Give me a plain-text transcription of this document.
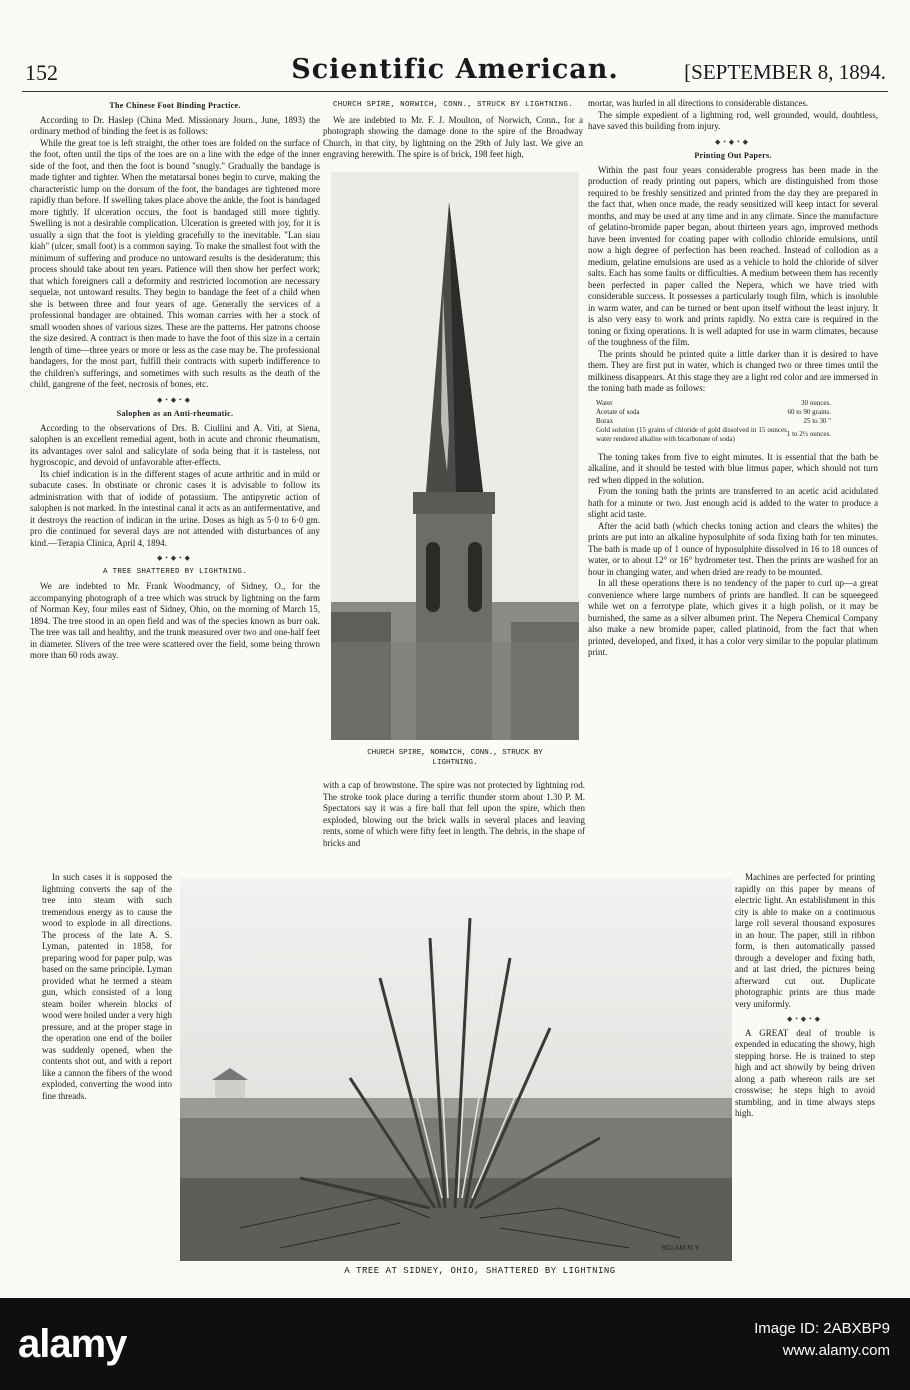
152	Scientific American.	[SEPTEMBER 8, 1894.
The Chinese Foot Binding Practice.

According to Dr. Haslep (China Med. Missionary Journ., June, 1893) the ordinary method of binding the feet is as follows:

While the great toe is left straight, the other toes are folded on the surface of the foot, often until the tips of the toes are on a line with the edge of the inner side of the foot, and then the foot is bound "snugly." Gradually the bandage is made tighter and tighter. When the metatarsal bones begin to curve, making the characteristic lump on the dorsum of the foot, the bandages are tightened more rapidly than before. If swelling takes place above the ankle, the foot is bandaged more tightly. If ulceration occurs, the foot is bandaged still more tightly. Swelling is not a desirable complication. Ulceration is greeted with joy, for it is usually a sign that the foot is yielding gracefully to the inevitable. "Lan siau kiah" (ulcer, small foot) is a common saying. To make the smallest foot with the minimum of suffering and produce no untoward results is the desideratum; this process should take about ten years. Patience will then show her perfect work; that which foreigners call a deformity and restricted locomotion are necessary sequelæ, not untoward results. They begin to bandage the feet of a child when she is between three and four years of age. Generally the services of a professional bandager are obtained. This woman carries with her a stock of small wooden shoes of various sizes. These are the patterns. Her patrons choose the size desired. A contract is then made to have the foot of this size in a certain length of time—three years or more or less as the case may be. The professional bandagers, for the most part, fulfill their contracts with superb indifference to the children's sufferings, and sometimes with such results as the death of the child, gangrene of the feet, necrosis of bones, etc.

◆•◆•◆
Salophen as an Anti-rheumatic.

According to the observations of Drs. B. Ciullini and A. Viti, at Siena, salophen is an excellent remedial agent, both in acute and chronic rheumatism, its advantages over salol and salicylate of soda being that it is tasteless, not hygroscopic, and devoid of unfavorable after-effects.

Its chief indication is in the different stages of acute arthritic and in mild or subacute cases. In obstinate or chronic cases it is advisable to follow its administration with that of iodide of potassium. The antipyretic action of salophen is not marked. In the intestinal canal it acts as an antifermentative, and it destroys the reaction of indican in the urine. Doses as high as 5·0 to 6·0 gm. pro die continued for several days are not attended with disturbances of any kind.—Terapia Clinica, April 4, 1894.

◆•◆•◆
A TREE SHATTERED BY LIGHTNING.

We are indebted to Mr. Frank Woodmancy, of Sidney, O., for the accompanying photograph of a tree which was struck by lightning on the farm of Norman Key, four miles east of Sidney, Ohio, on the morning of March 15, 1894. The tree stood in an open field and was of the species known as burr oak. The tree was tall and healthy, and the trunk measured over two and one-half feet in diameter. Slivers of the tree were scattered over the field, some being thrown more than 60 rods away.

In such cases it is supposed the lightning converts the sap of the tree into steam with such tremendous energy as to cause the wood to explode in all directions. The process of the late A. S. Lyman, patented in 1858, for preparing wood for paper pulp, was based on the same principle. Lyman provided what he termed a steam gun, which consisted of a long steam boiler wherein blocks of wood were boiled under a very high pressure, and at the proper stage in the operation one end of the boiler was suddenly opened, when the contents shot out, and with a report like a cannon the fibers of the wood exploded, converting the wood into fine threads.

CHURCH SPIRE, NORWICH, CONN., STRUCK BY LIGHTNING.

We are indebted to Mr. F. J. Moulton, of Norwich, Conn., for a photograph showing the damage done to the spire of the Broadway Church, in that city, by lightning on the 29th of July last. We give an engraving herewith. The spire is of brick, 198 feet high,

CHURCH SPIRE, NORWICH, CONN., STRUCK BY LIGHTNING.

with a cap of brownstone. The spire was not protected by lightning rod. The stroke took place during a terrific thunder storm about 1.30 P. M. Spectators say it was a fire ball that fell upon the spire, which then exploded, blowing out the brick walls in several places and leaving rents, some of which were fifty feet in length. The debris, in the shape of bricks and

mortar, was hurled in all directions to considerable distances.

The simple expedient of a lightning rod, well grounded, would, doubtless, have saved this building from injury.

◆•◆•◆
Printing Out Papers.

Within the past four years considerable progress has been made in the production of ready printing out papers, which are distinguished from those required to be freshly sensitized and printed from the day they are prepared in the fact that, when once made, the ready sensitized will keep intact for several months, and may be used at any time and in any climate. Since the manufacture of gelatino-bromide paper began, about thirteen years ago, improved methods have been invented for coating paper with collodio chloride emulsions, until now a high degree of perfection has been reached. Instead of collodion as a medium, gelatine emulsions are used as a vehicle to hold the chloride of silver salts. Each has some faults or difficulties. A medium between them has recently been perfected in paper called the Nepera, which we have tried with considerable success. It possesses a particularly tough film, which is insoluble in warm water, and can be turned or bent upon itself without the least injury. It is also very easy to work and prints rapidly. No extra care is required in the toning or fixing operations. It is well adapted for use in warm climates, because of the toughness of the film.

The prints should be printed quite a little darker than it is desired to have them. They are first put in water, which is changed two or three times until the milkiness disappears. At this stage they are a light red color and are immersed in the toning bath made as follows:

Water	30 ounces.
Acetate of soda	60 to 90 grains.
Borax	25 to 30 "
Gold solution (15 grains of chloride of gold dissolved in 15 ounces water rendered alkaline with bicarbonate of soda)	1 to 2½ ounces.

The toning takes from five to eight minutes. It is essential that the bath be alkaline, and it should be tested with blue litmus paper, which should not turn red when dipped in the solution.

From the toning bath the prints are transferred to an acetic acid acidulated bath for a minute or two. Just enough acid is added to the water to produce a slight acid taste.

After the acid bath (which checks toning action and clears the whites) the prints are put into an alkaline hyposulphite of soda fixing bath for ten minutes. The bath is made up of 1 ounce of hyposulphite dissolved in 16 to 18 ounces of water, or to about 12° or 16° hydrometer test. Then the prints are washed for an hour in changing water, and when dried are ready to be mounted.

In all these operations there is no tendency of the paper to curl up—a great convenience where large numbers of prints are handled. It can be squeegeed while wet on a ferrotype plate, which gives it a high polish, or it may be burnished, the same as a silver albumen print. The Nepera Chemical Company also make a new bromide paper, called platinoid, from the fact that when printed, developed, and fixed, it has a color very similar to the popular platinum print.

Machines are perfected for printing rapidly on this paper by means of electric light. An establishment in this city is able to make on a continuous large roll several thousand exposures in an hour. The paper, still in ribbon form, is then automatically passed through a developer and fixing bath, and at last dried, the pictures being afterward cut out. Duplicate photographic prints are thus made very uniformly.

◆•◆•◆

A GREAT deal of trouble is expended in educating the showy, high stepping horse. He is trained to step high and act showily by being driven along a path whereon rails are set crosswise; he steps high to avoid stumbling, and in time always steps high.

SCI.AM.N.Y.
A TREE AT SIDNEY, OHIO, SHATTERED BY LIGHTNING
alamy	Image ID: 2ABXBP9
www.alamy.com
